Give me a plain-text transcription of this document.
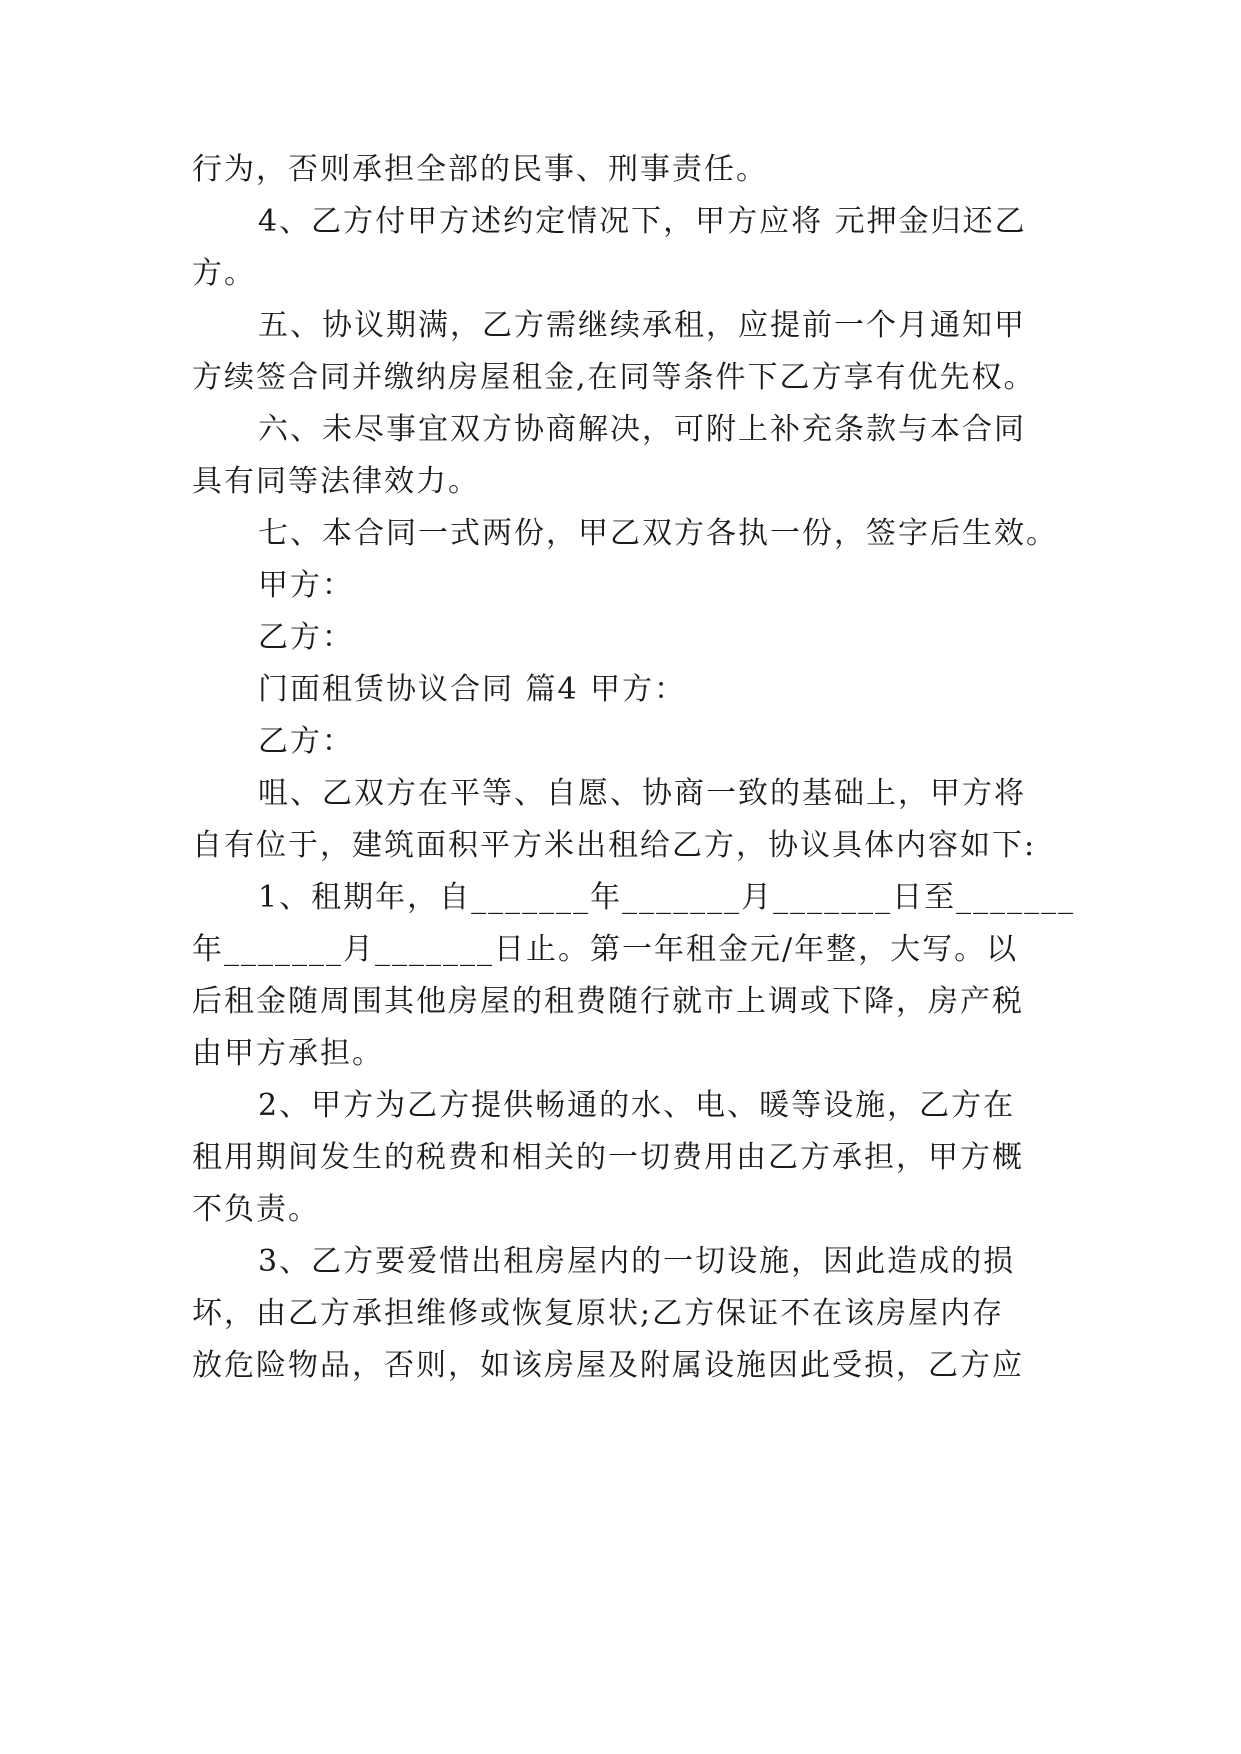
行为，否则承担全部的民事、刑事责任。
4、乙方付甲方述约定情况下，甲方应将 元押金归还乙
方。
五、协议期满，乙方需继续承租，应提前一个月通知甲
方续签合同并缴纳房屋租金,在同等条件下乙方享有优先权。
六、未尽事宜双方协商解决，可附上补充条款与本合同
具有同等法律效力。
七、本合同一式两份，甲乙双方各执一份，签字后生效。
甲方：
乙方：
门面租赁协议合同 篇4 甲方：
乙方：
咀、乙双方在平等、自愿、协商一致的基础上，甲方将
自有位于，建筑面积平方米出租给乙方，协议具体内容如下:
1、租期年，自_______年_______月_______日至_______
年_______月_______日止。第一年租金元/年整，大写。以
后租金随周围其他房屋的租费随行就市上调或下降，房产税
由甲方承担。
2、甲方为乙方提供畅通的水、电、暖等设施，乙方在
租用期间发生的税费和相关的一切费用由乙方承担，甲方概
不负责。
3、乙方要爱惜出租房屋内的一切设施，因此造成的损
坏，由乙方承担维修或恢复原状;乙方保证不在该房屋内存
放危险物品，否则，如该房屋及附属设施因此受损，乙方应
